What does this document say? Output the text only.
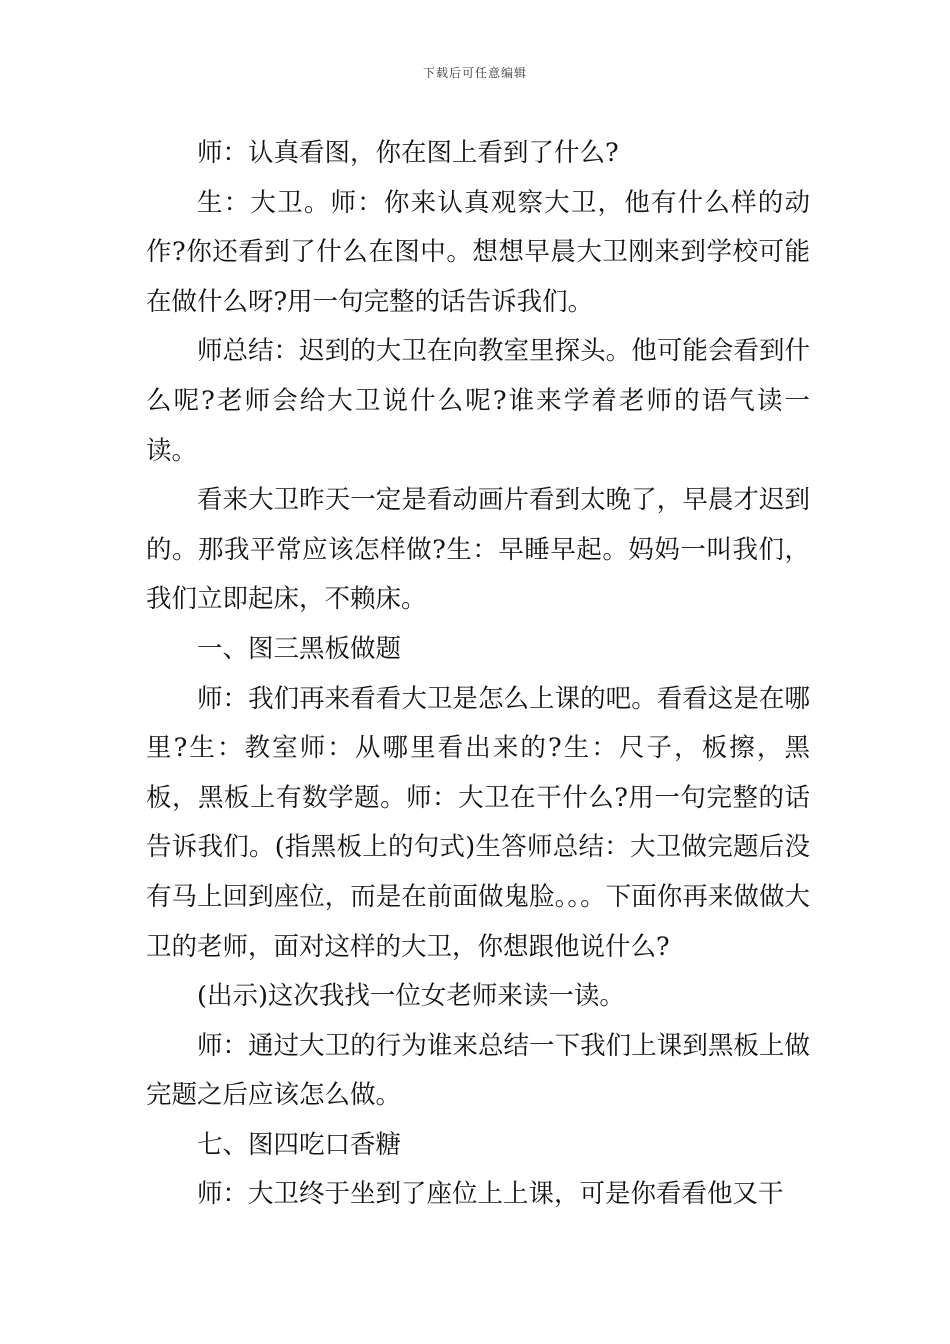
下载后可任意编辑

师：认真看图，你在图上看到了什么?

生：大卫。师：你来认真观察大卫，他有什么样的动作?你还看到了什么在图中。想想早晨大卫刚来到学校可能在做什么呀?用一句完整的话告诉我们。

师总结：迟到的大卫在向教室里探头。他可能会看到什么呢?老师会给大卫说什么呢?谁来学着老师的语气读一读。

看来大卫昨天一定是看动画片看到太晚了，早晨才迟到的。那我平常应该怎样做?生：早睡早起。妈妈一叫我们，我们立即起床，不赖床。

一、图三黑板做题

师：我们再来看看大卫是怎么上课的吧。看看这是在哪里?生：教室师：从哪里看出来的?生：尺子，板擦，黑板，黑板上有数学题。师：大卫在干什么?用一句完整的话告诉我们。(指黑板上的句式)生答师总结：大卫做完题后没有马上回到座位，而是在前面做鬼脸。。。下面你再来做做大卫的老师，面对这样的大卫，你想跟他说什么?

(出示)这次我找一位女老师来读一读。

师：通过大卫的行为谁来总结一下我们上课到黑板上做完题之后应该怎么做。

七、图四吃口香糖

师：大卫终于坐到了座位上上课，可是你看看他又干
